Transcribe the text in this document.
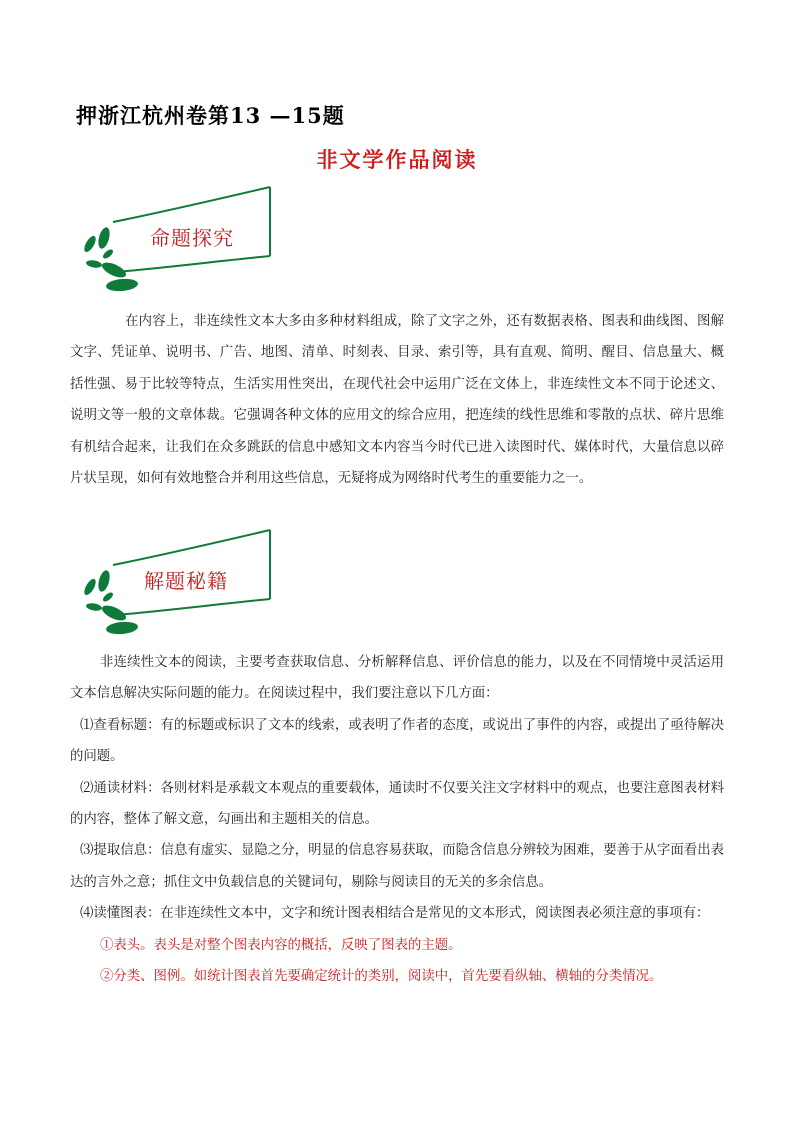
押浙江杭州卷第13 —15题
非文学作品阅读
命题探究

在内容上，非连续性文本大多由多种材料组成，除了文字之外，还有数据表格、图表和曲线图、图解文字、凭证单、说明书、广告、地图、清单、时刻表、目录、索引等，具有直观、简明、醒目、信息量大、概括性强、易于比较等特点，生活实用性突出，在现代社会中运用广泛在文体上，非连续性文本不同于论述文、说明文等一般的文章体裁。它强调各种文体的应用文的综合应用，把连续的线性思维和零散的点状、碎片思维有机结合起来，让我们在众多跳跃的信息中感知文本内容当今时代已进入读图时代、媒体时代，大量信息以碎片状呈现，如何有效地整合并利用这些信息，无疑将成为网络时代考生的重要能力之一。

解题秘籍

非连续性文本的阅读，主要考查获取信息、分析解释信息、评价信息的能力，以及在不同情境中灵活运用文本信息解决实际问题的能力。在阅读过程中，我们要注意以下几方面：

⑴查看标题：有的标题或标识了文本的线索，或表明了作者的态度，或说出了事件的内容，或提出了亟待解决的问题。

⑵通读材料：各则材料是承载文本观点的重要载体，通读时不仅要关注文字材料中的观点，也要注意图表材料的内容，整体了解文意，勾画出和主题相关的信息。

⑶提取信息：信息有虚实、显隐之分，明显的信息容易获取，而隐含信息分辨较为困难，要善于从字面看出表达的言外之意；抓住文中负载信息的关键词句，剔除与阅读目的无关的多余信息。

⑷读懂图表：在非连续性文本中，文字和统计图表相结合是常见的文本形式，阅读图表必须注意的事项有：

①表头。表头是对整个图表内容的概括，反映了图表的主题。

②分类、图例。如统计图表首先要确定统计的类别，阅读中，首先要看纵轴、横轴的分类情况。
